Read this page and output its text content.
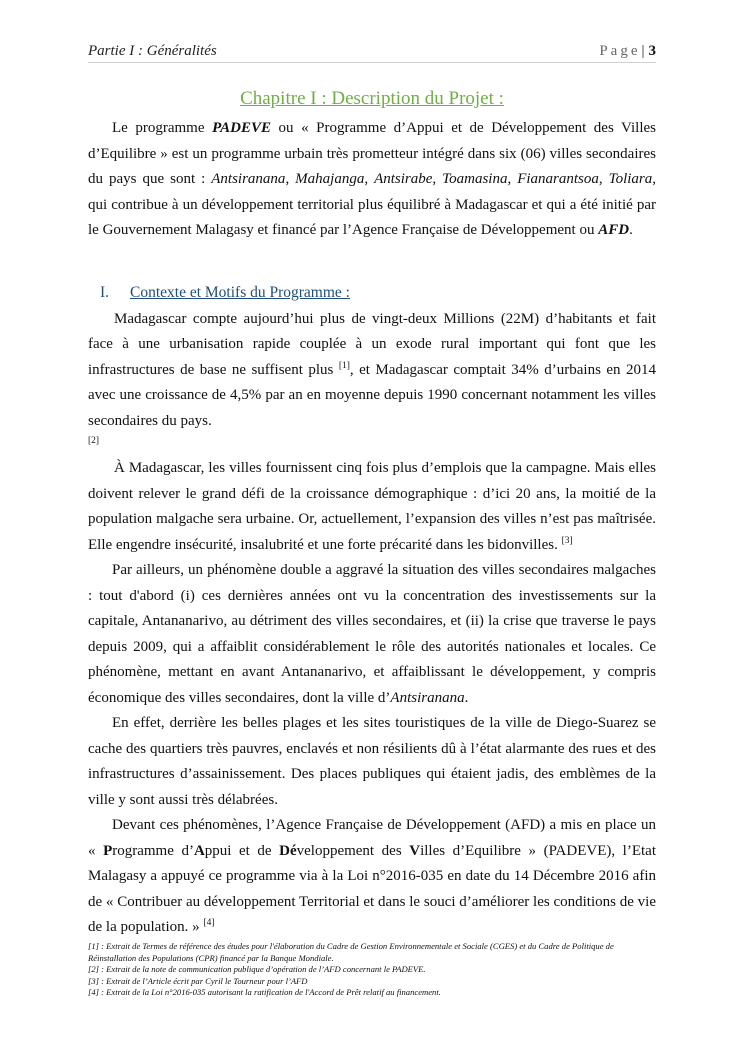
Partie I : Généralités	Page| 3
Chapitre I : Description du Projet :

Le programme PADEVE ou « Programme d’Appui et de Développement des Villes d’Equilibre » est un programme urbain très prometteur intégré dans six (06) villes secondaires du pays que sont : Antsiranana, Mahajanga, Antsirabe, Toamasina, Fianarantsoa, Toliara, qui contribue à un développement territorial plus équilibré à Madagascar et qui a été initié par le Gouvernement Malagasy et financé par l’Agence Française de Développement ou AFD.

I. Contexte et Motifs du Programme :

Madagascar compte aujourd’hui plus de vingt-deux Millions (22M) d’habitants et fait face à une urbanisation rapide couplée à un exode rural important qui font que les infrastructures de base ne suffisent plus [1], et Madagascar comptait 34% d’urbains en 2014 avec une croissance de 4,5% par an en moyenne depuis 1990 concernant notamment les villes secondaires du pays.

[2]

À Madagascar, les villes fournissent cinq fois plus d’emplois que la campagne. Mais elles doivent relever le grand défi de la croissance démographique : d’ici 20 ans, la moitié de la population malgache sera urbaine. Or, actuellement, l’expansion des villes n’est pas maîtrisée. Elle engendre insécurité, insalubrité et une forte précarité dans les bidonvilles. [3]

Par ailleurs, un phénomène double a aggravé la situation des villes secondaires malgaches : tout d'abord (i) ces dernières années ont vu la concentration des investissements sur la capitale, Antananarivo, au détriment des villes secondaires, et (ii) la crise que traverse le pays depuis 2009, qui a affaiblit considérablement le rôle des autorités nationales et locales. Ce phénomène, mettant en avant Antananarivo, et affaiblissant le développement, y compris économique des villes secondaires, dont la ville d’Antsiranana.

En effet, derrière les belles plages et les sites touristiques de la ville de Diego-Suarez se cache des quartiers très pauvres, enclavés et non résilients dû à l’état alarmante des rues et des infrastructures d’assainissement. Des places publiques qui étaient jadis, des emblèmes de la ville y sont aussi très délabrées.

Devant ces phénomènes, l’Agence Française de Développement (AFD) a mis en place un « Programme d’Appui et de Développement des Villes d’Equilibre » (PADEVE), l’Etat Malagasy a appuyé ce programme via à la Loi n°2016-035 en date du 14 Décembre 2016 afin de « Contribuer au développement Territorial et dans le souci d’améliorer les conditions de vie de la population. » [4]

[1] : Extrait de Termes de référence des études pour l'élaboration du Cadre de Gestion Environnementale et Sociale (CGES) et du Cadre de Politique de Réinstallation des Populations (CPR) financé par la Banque Mondiale.
[2] : Extrait de la note de communication publique d’opération de l’AFD concernant le PADEVE.
[3] : Extrait de l’Article écrit par Cyril le Tourneur pour l’AFD
[4] : Extrait de la Loi n°2016-035 autorisant la ratification de l'Accord de Prêt relatif au financement.
